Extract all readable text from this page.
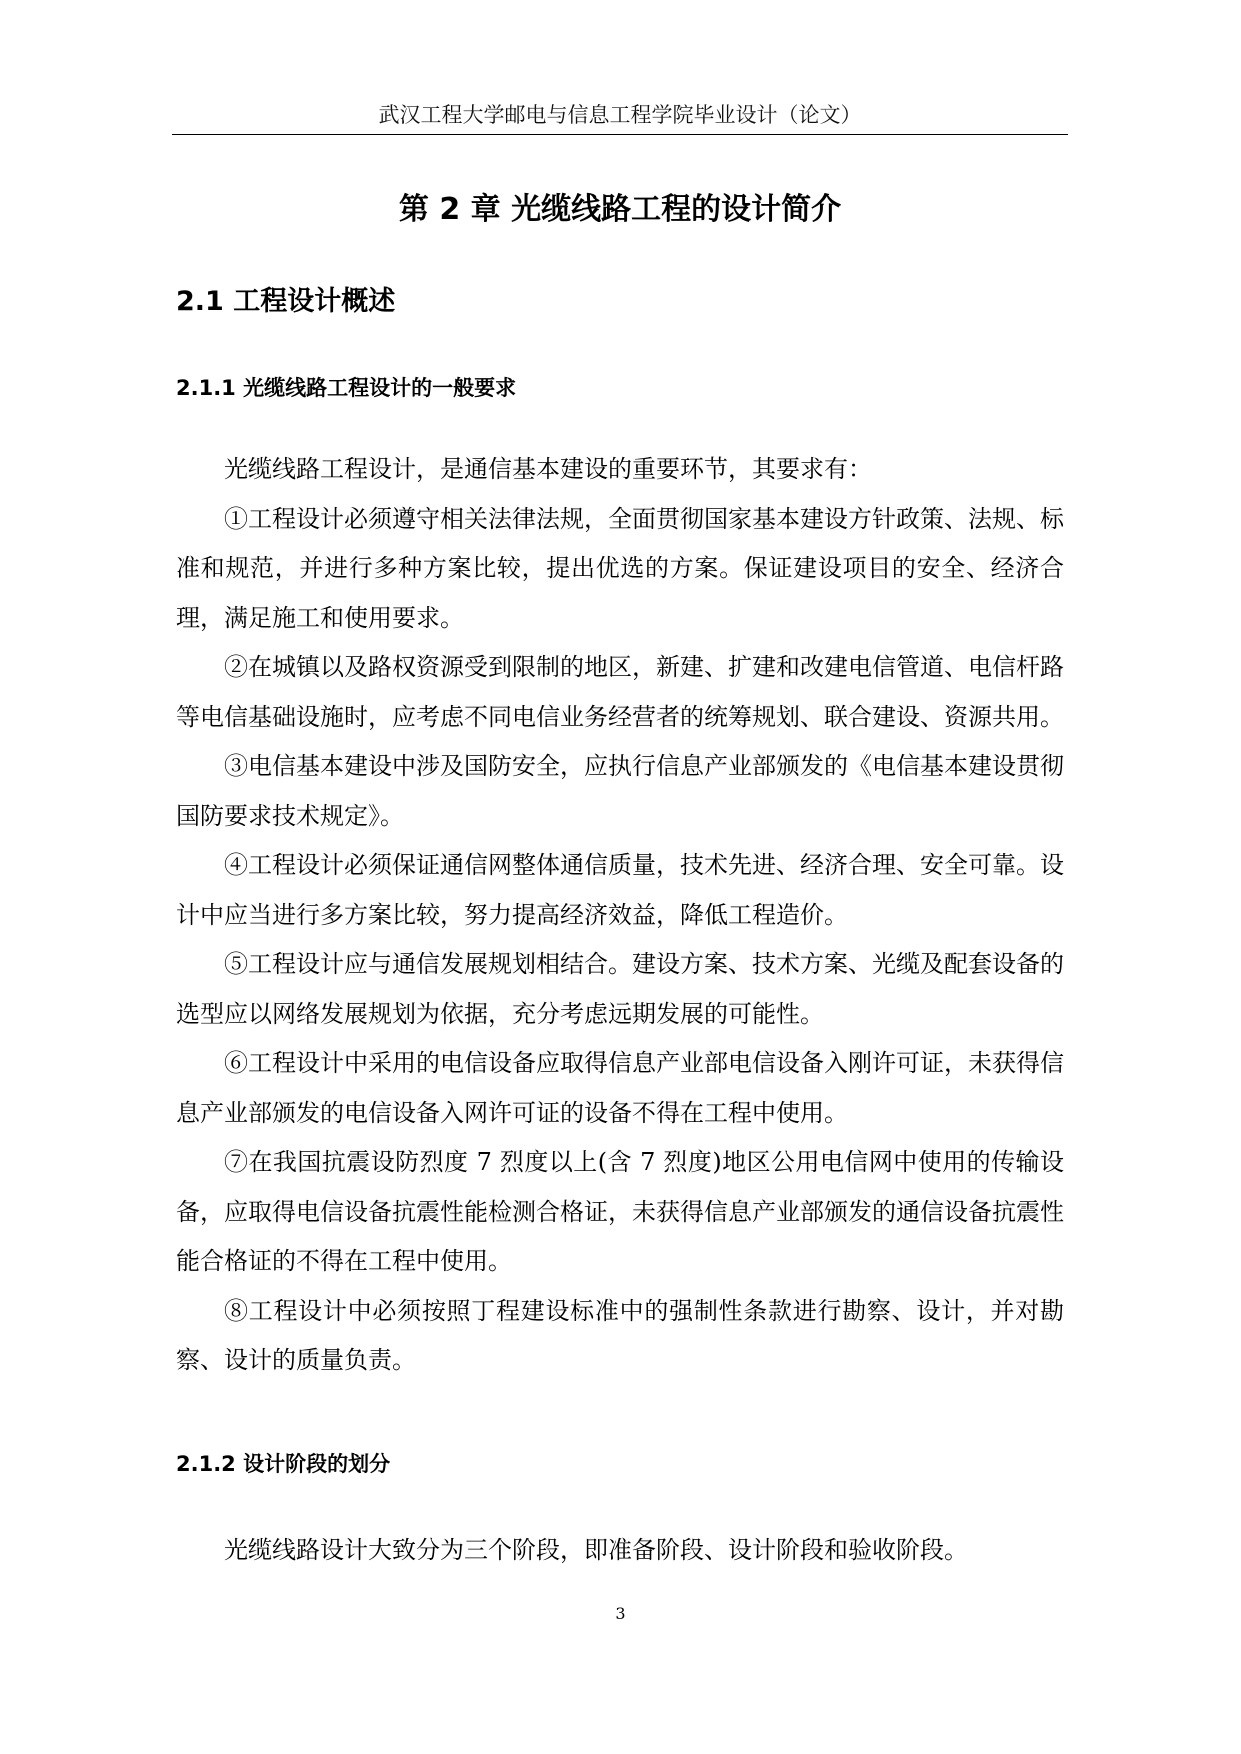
武汉工程大学邮电与信息工程学院毕业设计（论文）
第 2 章 光缆线路工程的设计简介
2.1 工程设计概述
2.1.1 光缆线路工程设计的一般要求

光缆线路工程设计，是通信基本建设的重要环节，其要求有：

①工程设计必须遵守相关法律法规，全面贯彻国家基本建设方针政策、法规、标准和规范，并进行多种方案比较，提出优选的方案。保证建设项目的安全、经济合理，满足施工和使用要求。

②在城镇以及路权资源受到限制的地区，新建、扩建和改建电信管道、电信杆路等电信基础设施时，应考虑不同电信业务经营者的统筹规划、联合建设、资源共用。

③电信基本建设中涉及国防安全，应执行信息产业部颁发的《电信基本建设贯彻国防要求技术规定》。

④工程设计必须保证通信网整体通信质量，技术先进、经济合理、安全可靠。设计中应当进行多方案比较，努力提高经济效益，降低工程造价。

⑤工程设计应与通信发展规划相结合。建设方案、技术方案、光缆及配套设备的选型应以网络发展规划为依据，充分考虑远期发展的可能性。

⑥工程设计中采用的电信设备应取得信息产业部电信设备入刚许可证，未获得信息产业部颁发的电信设备入网许可证的设备不得在工程中使用。

⑦在我国抗震设防烈度 7 烈度以上(含 7 烈度)地区公用电信网中使用的传输设备，应取得电信设备抗震性能检测合格证，未获得信息产业部颁发的通信设备抗震性能合格证的不得在工程中使用。

⑧工程设计中必须按照丁程建设标准中的强制性条款进行勘察、设计，并对勘察、设计的质量负责。

2.1.2 设计阶段的划分

光缆线路设计大致分为三个阶段，即准备阶段、设计阶段和验收阶段。

3
